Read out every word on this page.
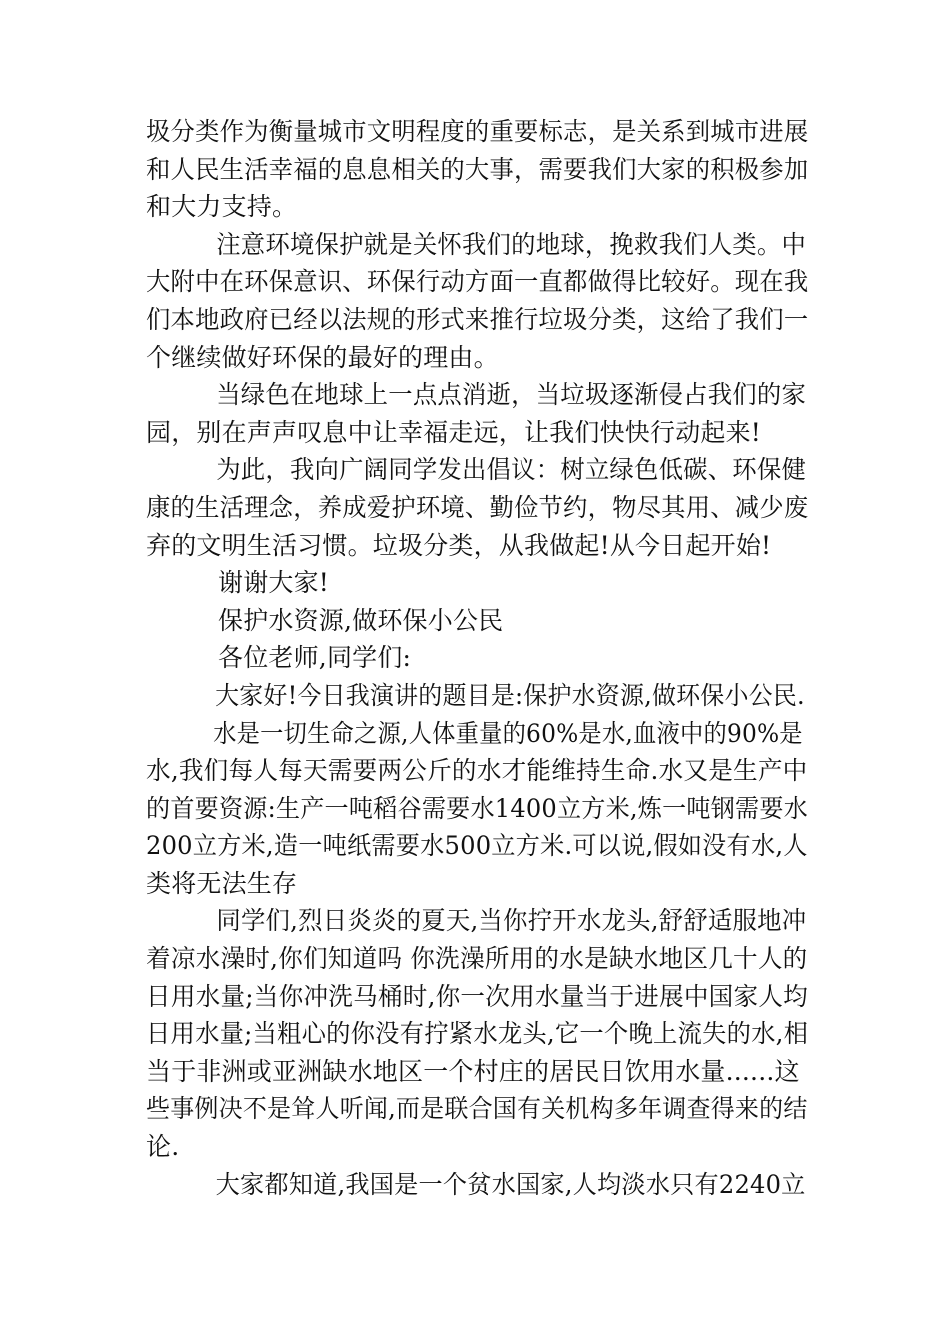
圾分类作为衡量城市文明程度的重要标志，是关系到城市进展
和人民生活幸福的息息相关的大事，需要我们大家的积极参加
和大力支持。
注意环境保护就是关怀我们的地球，挽救我们人类。中
大附中在环保意识、环保行动方面一直都做得比较好。现在我
们本地政府已经以法规的形式来推行垃圾分类，这给了我们一
个继续做好环保的最好的理由。
当绿色在地球上一点点消逝，当垃圾逐渐侵占我们的家
园，别在声声叹息中让幸福走远，让我们快快行动起来!
为此，我向广阔同学发出倡议：树立绿色低碳、环保健
康的生活理念，养成爱护环境、勤俭节约，物尽其用、减少废
弃的文明生活习惯。垃圾分类，从我做起!从今日起开始!
谢谢大家!
保护水资源,做环保小公民
各位老师,同学们:
大家好!今日我演讲的题目是:保护水资源,做环保小公民.
水是一切生命之源,人体重量的60%是水,血液中的90%是
水,我们每人每天需要两公斤的水才能维持生命.水又是生产中
的首要资源:生产一吨稻谷需要水1400立方米,炼一吨钢需要水
200立方米,造一吨纸需要水500立方米.可以说,假如没有水,人
类将无法生存
同学们,烈日炎炎的夏天,当你拧开水龙头,舒舒适服地冲
着凉水澡时,你们知道吗 你洗澡所用的水是缺水地区几十人的
日用水量;当你冲洗马桶时,你一次用水量当于进展中国家人均
日用水量;当粗心的你没有拧紧水龙头,它一个晚上流失的水,相
当于非洲或亚洲缺水地区一个村庄的居民日饮用水量......这
些事例决不是耸人听闻,而是联合国有关机构多年调查得来的结
论.
大家都知道,我国是一个贫水国家,人均淡水只有2240立
